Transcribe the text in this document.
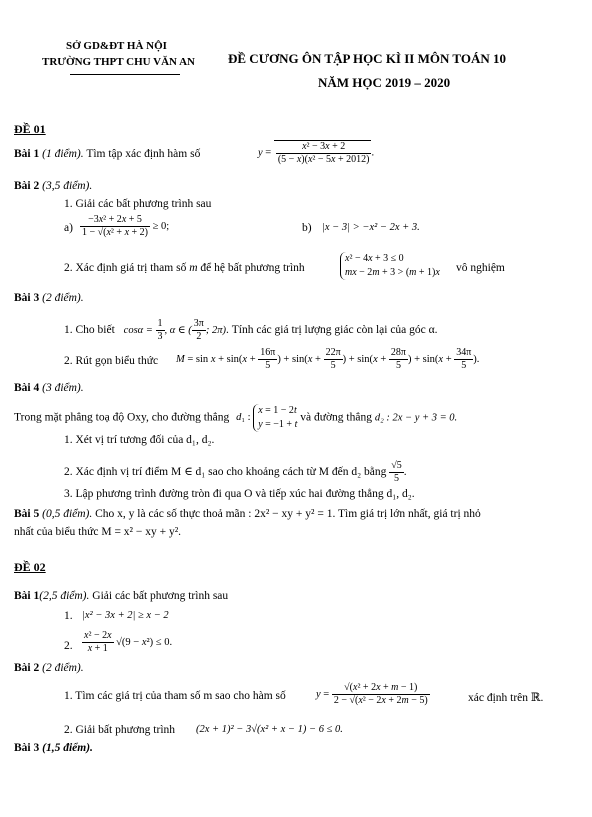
SỞ GD&ĐT HÀ NỘI
TRƯỜNG THPT CHU VĂN AN	ĐỀ CƯƠNG ÔN TẬP HỌC KÌ II MÔN TOÁN 10
NĂM HỌC 2019 – 2020
ĐỀ 01
Bài 1 (1 điểm). Tìm tập xác định hàm số	$y = \frac{\text{x² − 3x + 2}}{\text{(5 − x)(x² − 5x + 2012)}}$ .
Bài 2 (3,5 điểm).
1. Giải các bất phương trình sau
$a) \frac{\text{−3x² + 2x + 5}}{\text{1 − √(x² + x + 2)}} \ge 0$;	b) |x − 3| > −x² − 2x + 3.
2. Xác định giá trị tham số m để hệ bất phương trình
x² − 4x + 3 ≤ 0
mx − 2m + 3 > (m + 1)x vô nghiệm
Bài 3 (2 điểm).
1. Cho biết $\cos\alpha = \frac{1}{3}$ , α ∈ ( $\frac{3\pi}{2}$ ; 2π). Tính các giá trị lượng giác còn lại của góc α.
2. Rút gọn biểu thức $M = \sin x + \sin(x + \frac{16\pi}{5}$ ) + $\sin(x + \frac{22\pi}{5}$ ) + $\sin(x + \frac{28\pi}{5}$ ) + $\sin(x + \frac{34\pi}{5}$ ).
Bài 4 (3 điểm).
Trong mặt phẳng toạ độ Oxy, cho đường thẳng d₁ : x = 1 − 2t
y = −1 + t và đường thẳng d₂ : 2x − y + 3 = 0.
1. Xét vị trí tương đối của d₁, d₂.
2. Xác định vị trí điểm M ∈ d₁ sao cho khoảng cách từ M đến d₂ bằng $\frac{√5}{5}$ .
3. Lập phương trình đường tròn đi qua O và tiếp xúc hai đường thẳng d₁, d₂.
Bài 5 (0,5 điểm). Cho x, y là các số thực thoả mãn : 2x² − xy + y² = 1. Tìm giá trị lớn nhất, giá trị nhỏ
nhất của biểu thức M = x² − xy + y².
ĐỀ 02
Bài 1(2,5 điểm). Giải các bất phương trình sau
1. |x² − 3x + 2| ≥ x − 2
2. $\frac{\text{x² − 2x}}{x + 1} √(9 - x^2) \le 0$.
Bài 2 (2 điểm).
1. Tìm các giá trị của tham số m sao cho hàm số	$y = \frac{\text{√(x² + 2x + m − 1)}}{\text{2 − √(x² − 2x + 2m − 5)}}$	xác định trên ℝ.
2. Giải bất phương trình (2x + 1)² − 3√(x² + x − 1) − 6 ≤ 0.
Bài 3 (1,5 điểm).
